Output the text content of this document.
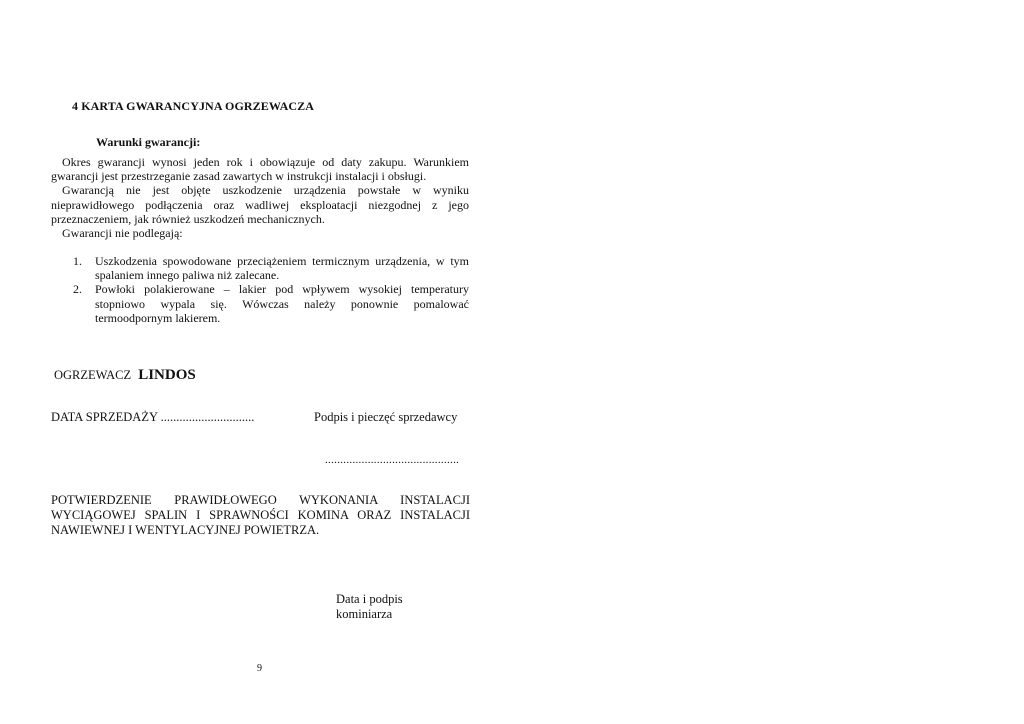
4 KARTA GWARANCYJNA OGRZEWACZA
Warunki gwarancji:

Okres gwarancji wynosi jeden rok i obowiązuje od daty zakupu. Warunkiem gwarancji jest przestrzeganie zasad zawartych w instrukcji instalacji i obsługi.

Gwarancją nie jest objęte uszkodzenie urządzenia powstałe w wyniku nieprawidłowego podłączenia oraz wadliwej eksploatacji niezgodnej z jego przeznaczeniem, jak również uszkodzeń mechanicznych.

Gwarancji nie podlegają:

1. Uszkodzenia spowodowane przeciążeniem termicznym urządzenia, w tym spalaniem innego paliwa niż zalecane.
2. Powłoki polakierowane – lakier pod wpływem wysokiej temperatury stopniowo wypala się. Wówczas należy ponownie pomalować termoodpornym lakierem.
OGRZEWACZ LINDOS
DATA SPRZEDAŻY ..............................	Podpis i pieczęć sprzedawcy
............................................

POTWIERDZENIE PRAWIDŁOWEGO WYKONANIA INSTALACJI WYCIĄGOWEJ SPALIN I SPRAWNOŚCI KOMINA ORAZ INSTALACJI NAWIEWNEJ I WENTYLACYJNEJ POWIETRZA.

Data i podpis
kominiarza
9
